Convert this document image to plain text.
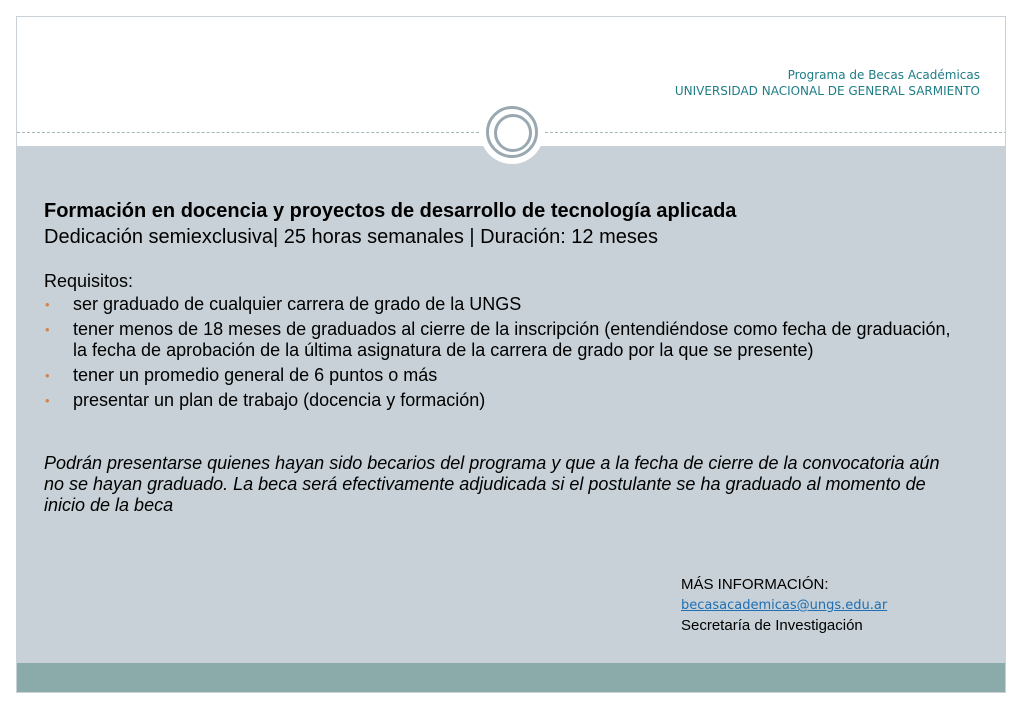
Programa de Becas Académicas
UNIVERSIDAD NACIONAL DE GENERAL SARMIENTO

Formación en docencia y proyectos de desarrollo de tecnología aplicada

Dedicación semiexclusiva| 25 horas semanales | Duración: 12 meses

Requisitos:

• ser graduado de cualquier carrera de grado de la UNGS
• tener menos de 18 meses de graduados al cierre de la inscripción (entendiéndose como fecha de graduación, la fecha de aprobación de la última asignatura de la carrera de grado por la que se presente)
• tener un promedio general de 6 puntos o más
• presentar un plan de trabajo (docencia y formación)

Podrán presentarse quienes hayan sido becarios del programa y que a la fecha de cierre de la convocatoria aún no se hayan graduado. La beca será efectivamente adjudicada si el postulante se ha graduado al momento de inicio de la beca

MÁS INFORMACIÓN:
becasacademicas@ungs.edu.ar
Secretaría de Investigación
